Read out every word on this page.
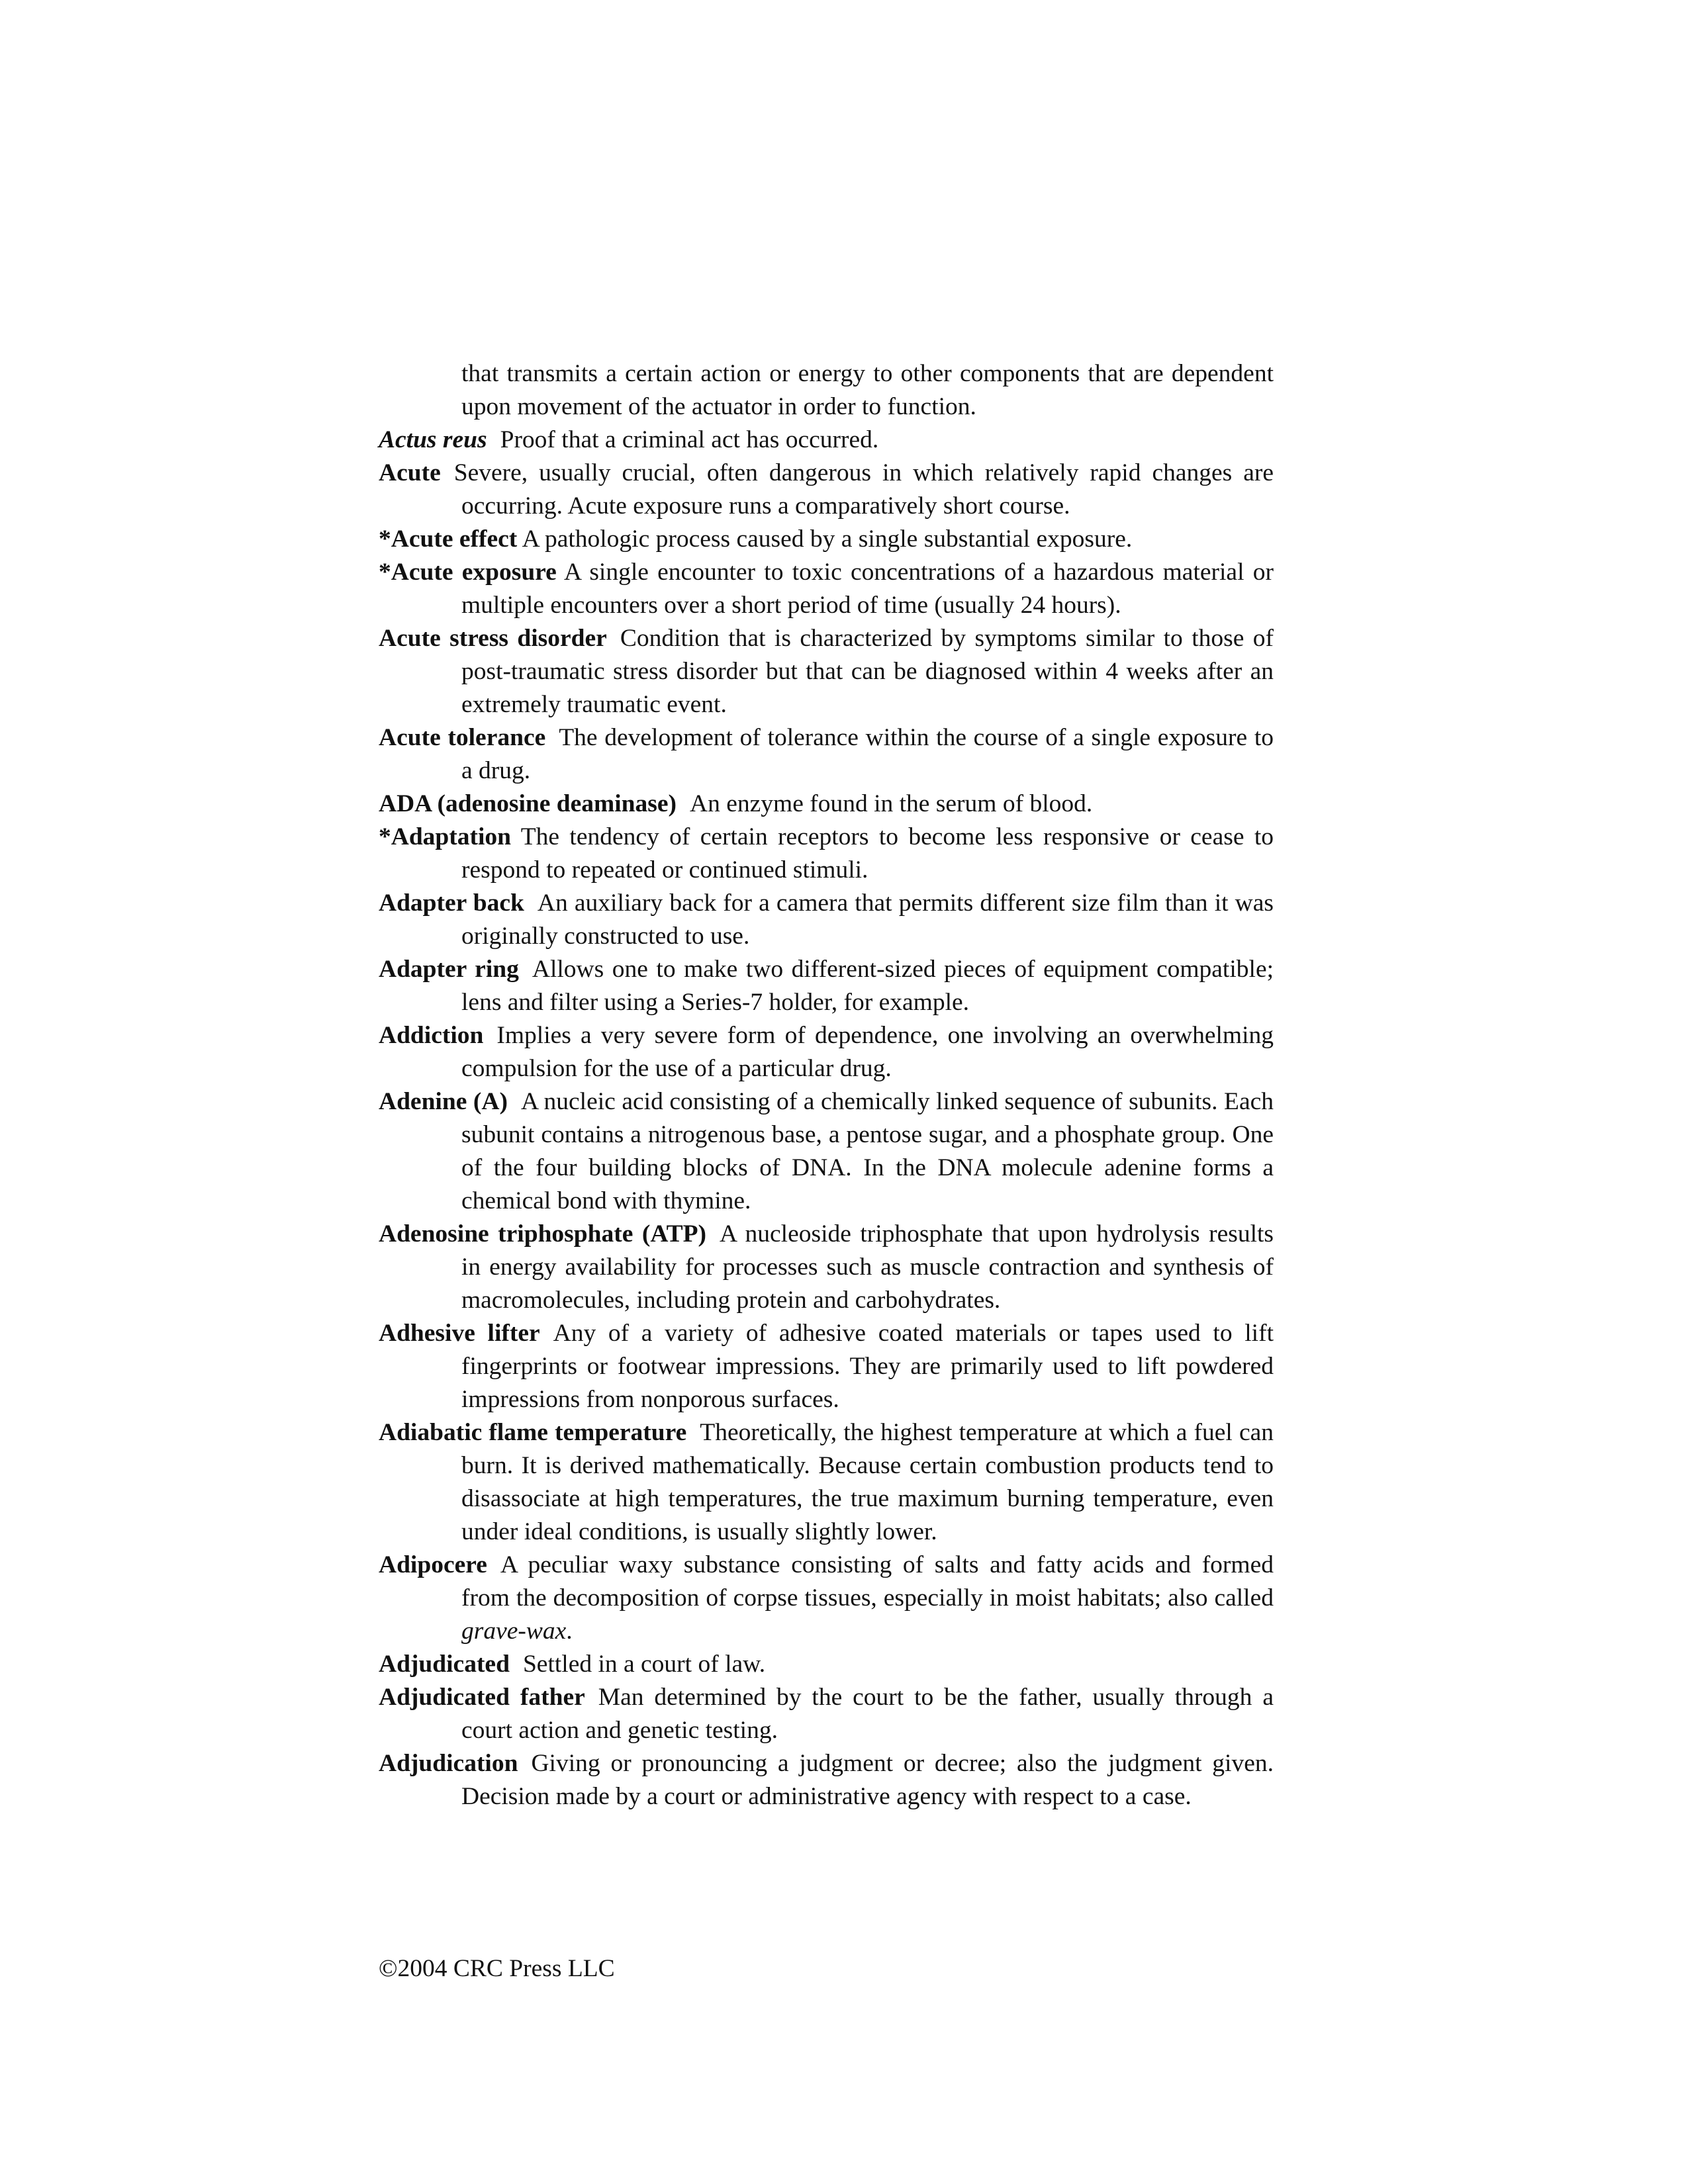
that transmits a certain action or energy to other components that are dependent upon movement of the actuator in order to function.

Actus reus Proof that a criminal act has occurred.

Acute Severe, usually crucial, often dangerous in which relatively rapid changes are occurring. Acute exposure runs a comparatively short course.

*Acute effect A pathologic process caused by a single substantial exposure.

*Acute exposure A single encounter to toxic concentrations of a hazardous material or multiple encounters over a short period of time (usually 24 hours).

Acute stress disorder Condition that is characterized by symptoms similar to those of post-traumatic stress disorder but that can be diagnosed within 4 weeks after an extremely traumatic event.

Acute tolerance The development of tolerance within the course of a single exposure to a drug.

ADA (adenosine deaminase) An enzyme found in the serum of blood.

*Adaptation The tendency of certain receptors to become less responsive or cease to respond to repeated or continued stimuli.

Adapter back An auxiliary back for a camera that permits different size film than it was originally constructed to use.

Adapter ring Allows one to make two different-sized pieces of equipment compatible; lens and filter using a Series-7 holder, for example.

Addiction Implies a very severe form of dependence, one involving an overwhelming compulsion for the use of a particular drug.

Adenine (A) A nucleic acid consisting of a chemically linked sequence of subunits. Each subunit contains a nitrogenous base, a pentose sugar, and a phosphate group. One of the four building blocks of DNA. In the DNA molecule adenine forms a chemical bond with thymine.

Adenosine triphosphate (ATP) A nucleoside triphosphate that upon hydrolysis results in energy availability for processes such as muscle contraction and synthesis of macromolecules, including protein and carbohydrates.

Adhesive lifter Any of a variety of adhesive coated materials or tapes used to lift fingerprints or footwear impressions. They are primarily used to lift powdered impressions from nonporous surfaces.

Adiabatic flame temperature Theoretically, the highest temperature at which a fuel can burn. It is derived mathematically. Because certain combustion products tend to disassociate at high temperatures, the true maximum burning temperature, even under ideal conditions, is usually slightly lower.

Adipocere A peculiar waxy substance consisting of salts and fatty acids and formed from the decomposition of corpse tissues, especially in moist habitats; also called grave-wax.

Adjudicated Settled in a court of law.

Adjudicated father Man determined by the court to be the father, usually through a court action and genetic testing.

Adjudication Giving or pronouncing a judgment or decree; also the judgment given. Decision made by a court or administrative agency with respect to a case.

©2004 CRC Press LLC
